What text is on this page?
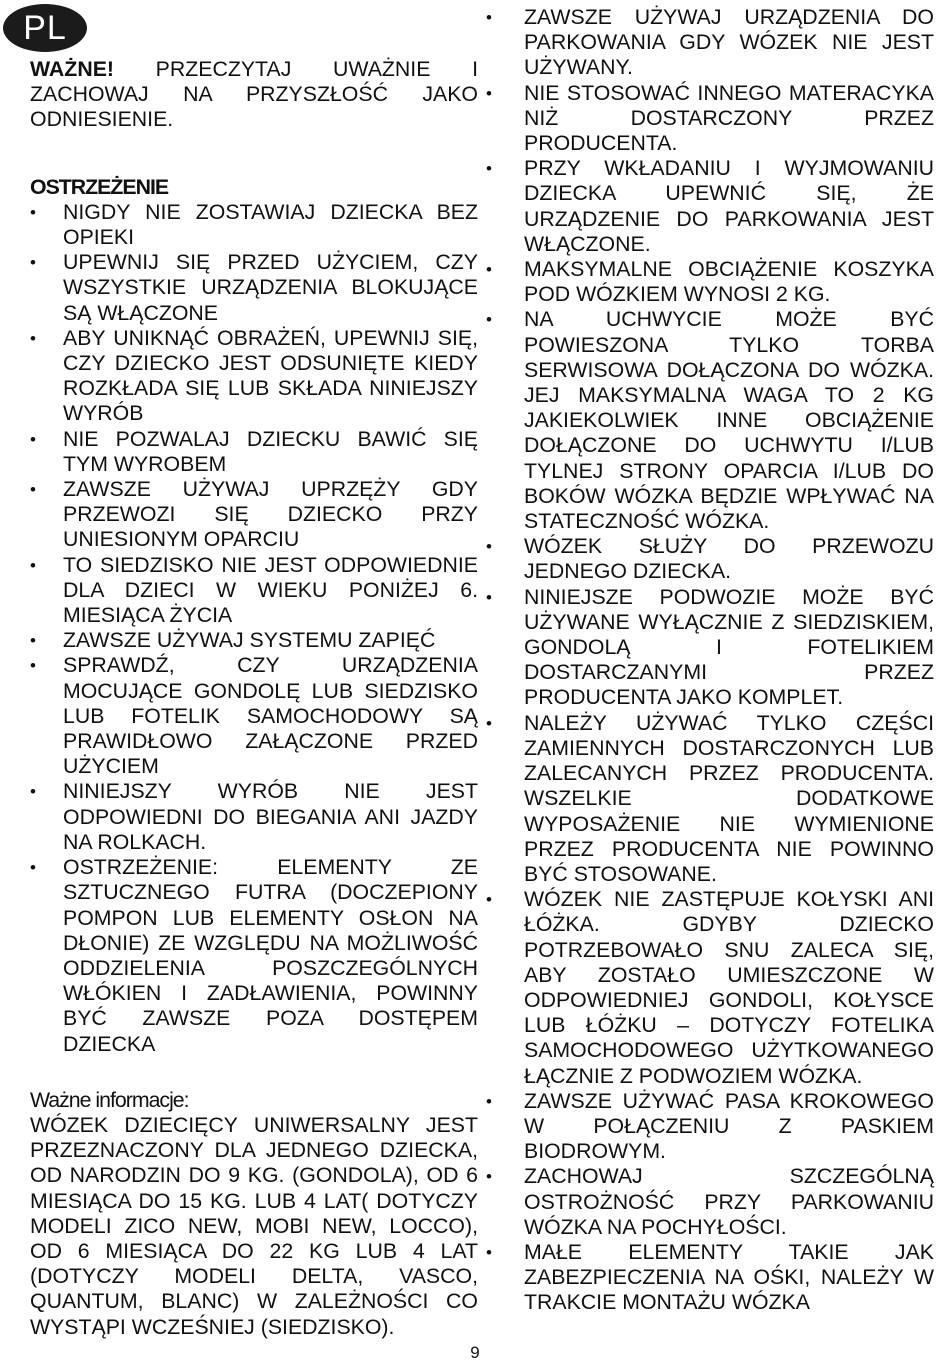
PL

WAŻNE! PRZECZYTAJ UWAŻNIE I ZACHOWAJ NA PRZYSZŁOŚĆ JAKO ODNIESIENIE.

OSTRZEŻENIE

• NIGDY NIE ZOSTAWIAJ DZIECKA BEZ OPIEKI
• UPEWNIJ SIĘ PRZED UŻYCIEM, CZY WSZYSTKIE URZĄDZENIA BLOKUJĄCE SĄ WŁĄCZONE
• ABY UNIKNĄĆ OBRAŻEŃ, UPEWNIJ SIĘ, CZY DZIECKO JEST ODSUNIĘTE KIEDY ROZKŁADA SIĘ LUB SKŁADA NINIEJSZY WYRÓB
• NIE POZWALAJ DZIECKU BAWIĆ SIĘ TYM WYROBEM
• ZAWSZE UŻYWAJ UPRZĘŻY GDY PRZEWOZI SIĘ DZIECKO PRZY UNIESIONYM OPARCIU
• TO SIEDZISKO NIE JEST ODPOWIEDNIE DLA DZIECI W WIEKU PONIŻEJ 6. MIESIĄCA ŻYCIA
• ZAWSZE UŻYWAJ SYSTEMU ZAPIĘĆ
• SPRAWDŹ, CZY URZĄDZENIA MOCUJĄCE GONDOLĘ LUB SIEDZISKO LUB FOTELIK SAMOCHODOWY SĄ PRAWIDŁOWO ZAŁĄCZONE PRZED UŻYCIEM
• NINIEJSZY WYRÓB NIE JEST ODPOWIEDNI DO BIEGANIA ANI JAZDY NA ROLKACH.
• OSTRZEŻENIE: ELEMENTY ZE SZTUCZNEGO FUTRA (DOCZEPIONY POMPON LUB ELEMENTY OSŁON NA DŁONIE) ZE WZGLĘDU NA MOŻLIWOŚĆ ODDZIELENIA POSZCZEGÓLNYCH WŁÓKIEN I ZADŁAWIENIA, POWINNY BYĆ ZAWSZE POZA DOSTĘPEM DZIECKA

Ważne informacje:

WÓZEK DZIECIĘCY UNIWERSALNY JEST PRZEZNACZONY DLA JEDNEGO DZIECKA, OD NARODZIN DO 9 KG. (GONDOLA), OD 6 MIESIĄCA DO 15 KG. LUB 4 LAT( DOTYCZY MODELI ZICO NEW, MOBI NEW, LOCCO), OD 6 MIESIĄCA DO 22 KG LUB 4 LAT (DOTYCZY MODELI DELTA, VASCO, QUANTUM, BLANC) W ZALEŻNOŚCI CO WYSTĄPI WCZEŚNIEJ (SIEDZISKO).

• ZAWSZE UŻYWAJ URZĄDZENIA DO PARKOWANIA GDY WÓZEK NIE JEST UŻYWANY.
• NIE STOSOWAĆ INNEGO MATERACYKA NIŻ DOSTARCZONY PRZEZ PRODUCENTA.
• PRZY WKŁADANIU I WYJMOWANIU DZIECKA UPEWNIĆ SIĘ, ŻE URZĄDZENIE DO PARKOWANIA JEST WŁĄCZONE.
• MAKSYMALNE OBCIĄŻENIE KOSZYKA POD WÓZKIEM WYNOSI 2 KG.
• NA UCHWYCIE MOŻE BYĆ POWIESZONA TYLKO TORBA SERWISOWA DOŁĄCZONA DO WÓZKA. JEJ MAKSYMALNA WAGA TO 2 KG JAKIEKOLWIEK INNE OBCIĄŻENIE DOŁĄCZONE DO UCHWYTU I/LUB TYLNEJ STRONY OPARCIA I/LUB DO BOKÓW WÓZKA BĘDZIE WPŁYWAĆ NA STATECZNOŚĆ WÓZKA.
• WÓZEK SŁUŻY DO PRZEWOZU JEDNEGO DZIECKA.
• NINIEJSZE PODWOZIE MOŻE BYĆ UŻYWANE WYŁĄCZNIE Z SIEDZISKIEM, GONDOLĄ I FOTELIKIEM DOSTARCZANYMI PRZEZ PRODUCENTA JAKO KOMPLET.
• NALEŻY UŻYWAĆ TYLKO CZĘŚCI ZAMIENNYCH DOSTARCZONYCH LUB ZALECANYCH PRZEZ PRODUCENTA. WSZELKIE DODATKOWE WYPOSAŻENIE NIE WYMIENIONE PRZEZ PRODUCENTA NIE POWINNO BYĆ STOSOWANE.
• WÓZEK NIE ZASTĘPUJE KOŁYSKI ANI ŁÓŻKA. GDYBY DZIECKO POTRZEBOWAŁO SNU ZALECA SIĘ, ABY ZOSTAŁO UMIESZCZONE W ODPOWIEDNIEJ GONDOLI, KOŁYSCE LUB ŁÓŻKU – DOTYCZY FOTELIKA SAMOCHODOWEGO UŻYTKOWANEGO ŁĄCZNIE Z PODWOZIEM WÓZKA.
• ZAWSZE UŻYWAĆ PASA KROKOWEGO W POŁĄCZENIU Z PASKIEM BIODROWYM.
• ZACHOWAJ SZCZEGÓLNĄ OSTROŻNOŚĆ PRZY PARKOWANIU WÓZKA NA POCHYŁOŚCI.
• MAŁE ELEMENTY TAKIE JAK ZABEZPIECZENIA NA OŚKI, NALEŻY W TRAKCIE MONTAŻU WÓZKA
9
